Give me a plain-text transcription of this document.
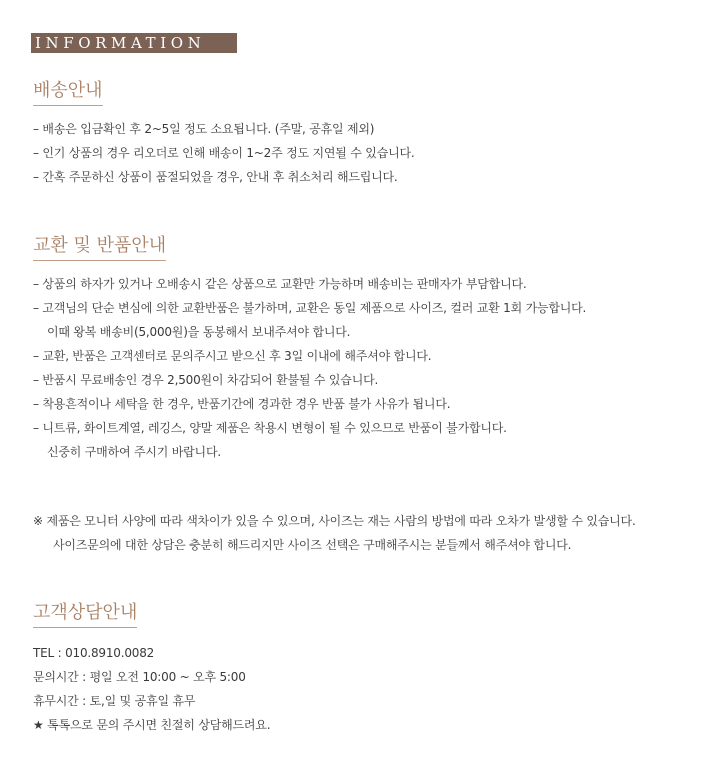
INFORMATION
배송안내
– 배송은 입금확인 후 2~5일 정도 소요됩니다. (주말, 공휴일 제외)
– 인기 상품의 경우 리오더로 인해 배송이 1~2주 정도 지연될 수 있습니다.
– 간혹 주문하신 상품이 품절되었을 경우, 안내 후 취소처리 해드립니다.
교환 및 반품안내
– 상품의 하자가 있거나 오배송시 같은 상품으로 교환만 가능하며 배송비는 판매자가 부담합니다.
– 고객님의 단순 변심에 의한 교환반품은 불가하며, 교환은 동일 제품으로 사이즈, 컬러 교환 1회 가능합니다.
이때 왕복 배송비(5,000원)을 동봉해서 보내주셔야 합니다.
– 교환, 반품은 고객센터로 문의주시고 받으신 후 3일 이내에 해주셔야 합니다.
– 반품시 무료배송인 경우 2,500원이 차감되어 환불될 수 있습니다.
– 착용흔적이나 세탁을 한 경우, 반품기간에 경과한 경우 반품 불가 사유가 됩니다.
– 니트류, 화이트계열, 레깅스, 양말 제품은 착용시 변형이 될 수 있으므로 반품이 불가합니다.
신중히 구매하여 주시기 바랍니다.
※ 제품은 모니터 사양에 따라 색차이가 있을 수 있으며, 사이즈는 재는 사람의 방법에 따라 오차가 발생할 수 있습니다.
사이즈문의에 대한 상담은 충분히 해드리지만 사이즈 선택은 구매해주시는 분들께서 해주셔야 합니다.
고객상담안내
TEL : 010.8910.0082
문의시간 : 평일 오전 10:00 ~ 오후 5:00
휴무시간 : 토,일 및 공휴일 휴무
★ 톡톡으로 문의 주시면 친절히 상담해드려요.
